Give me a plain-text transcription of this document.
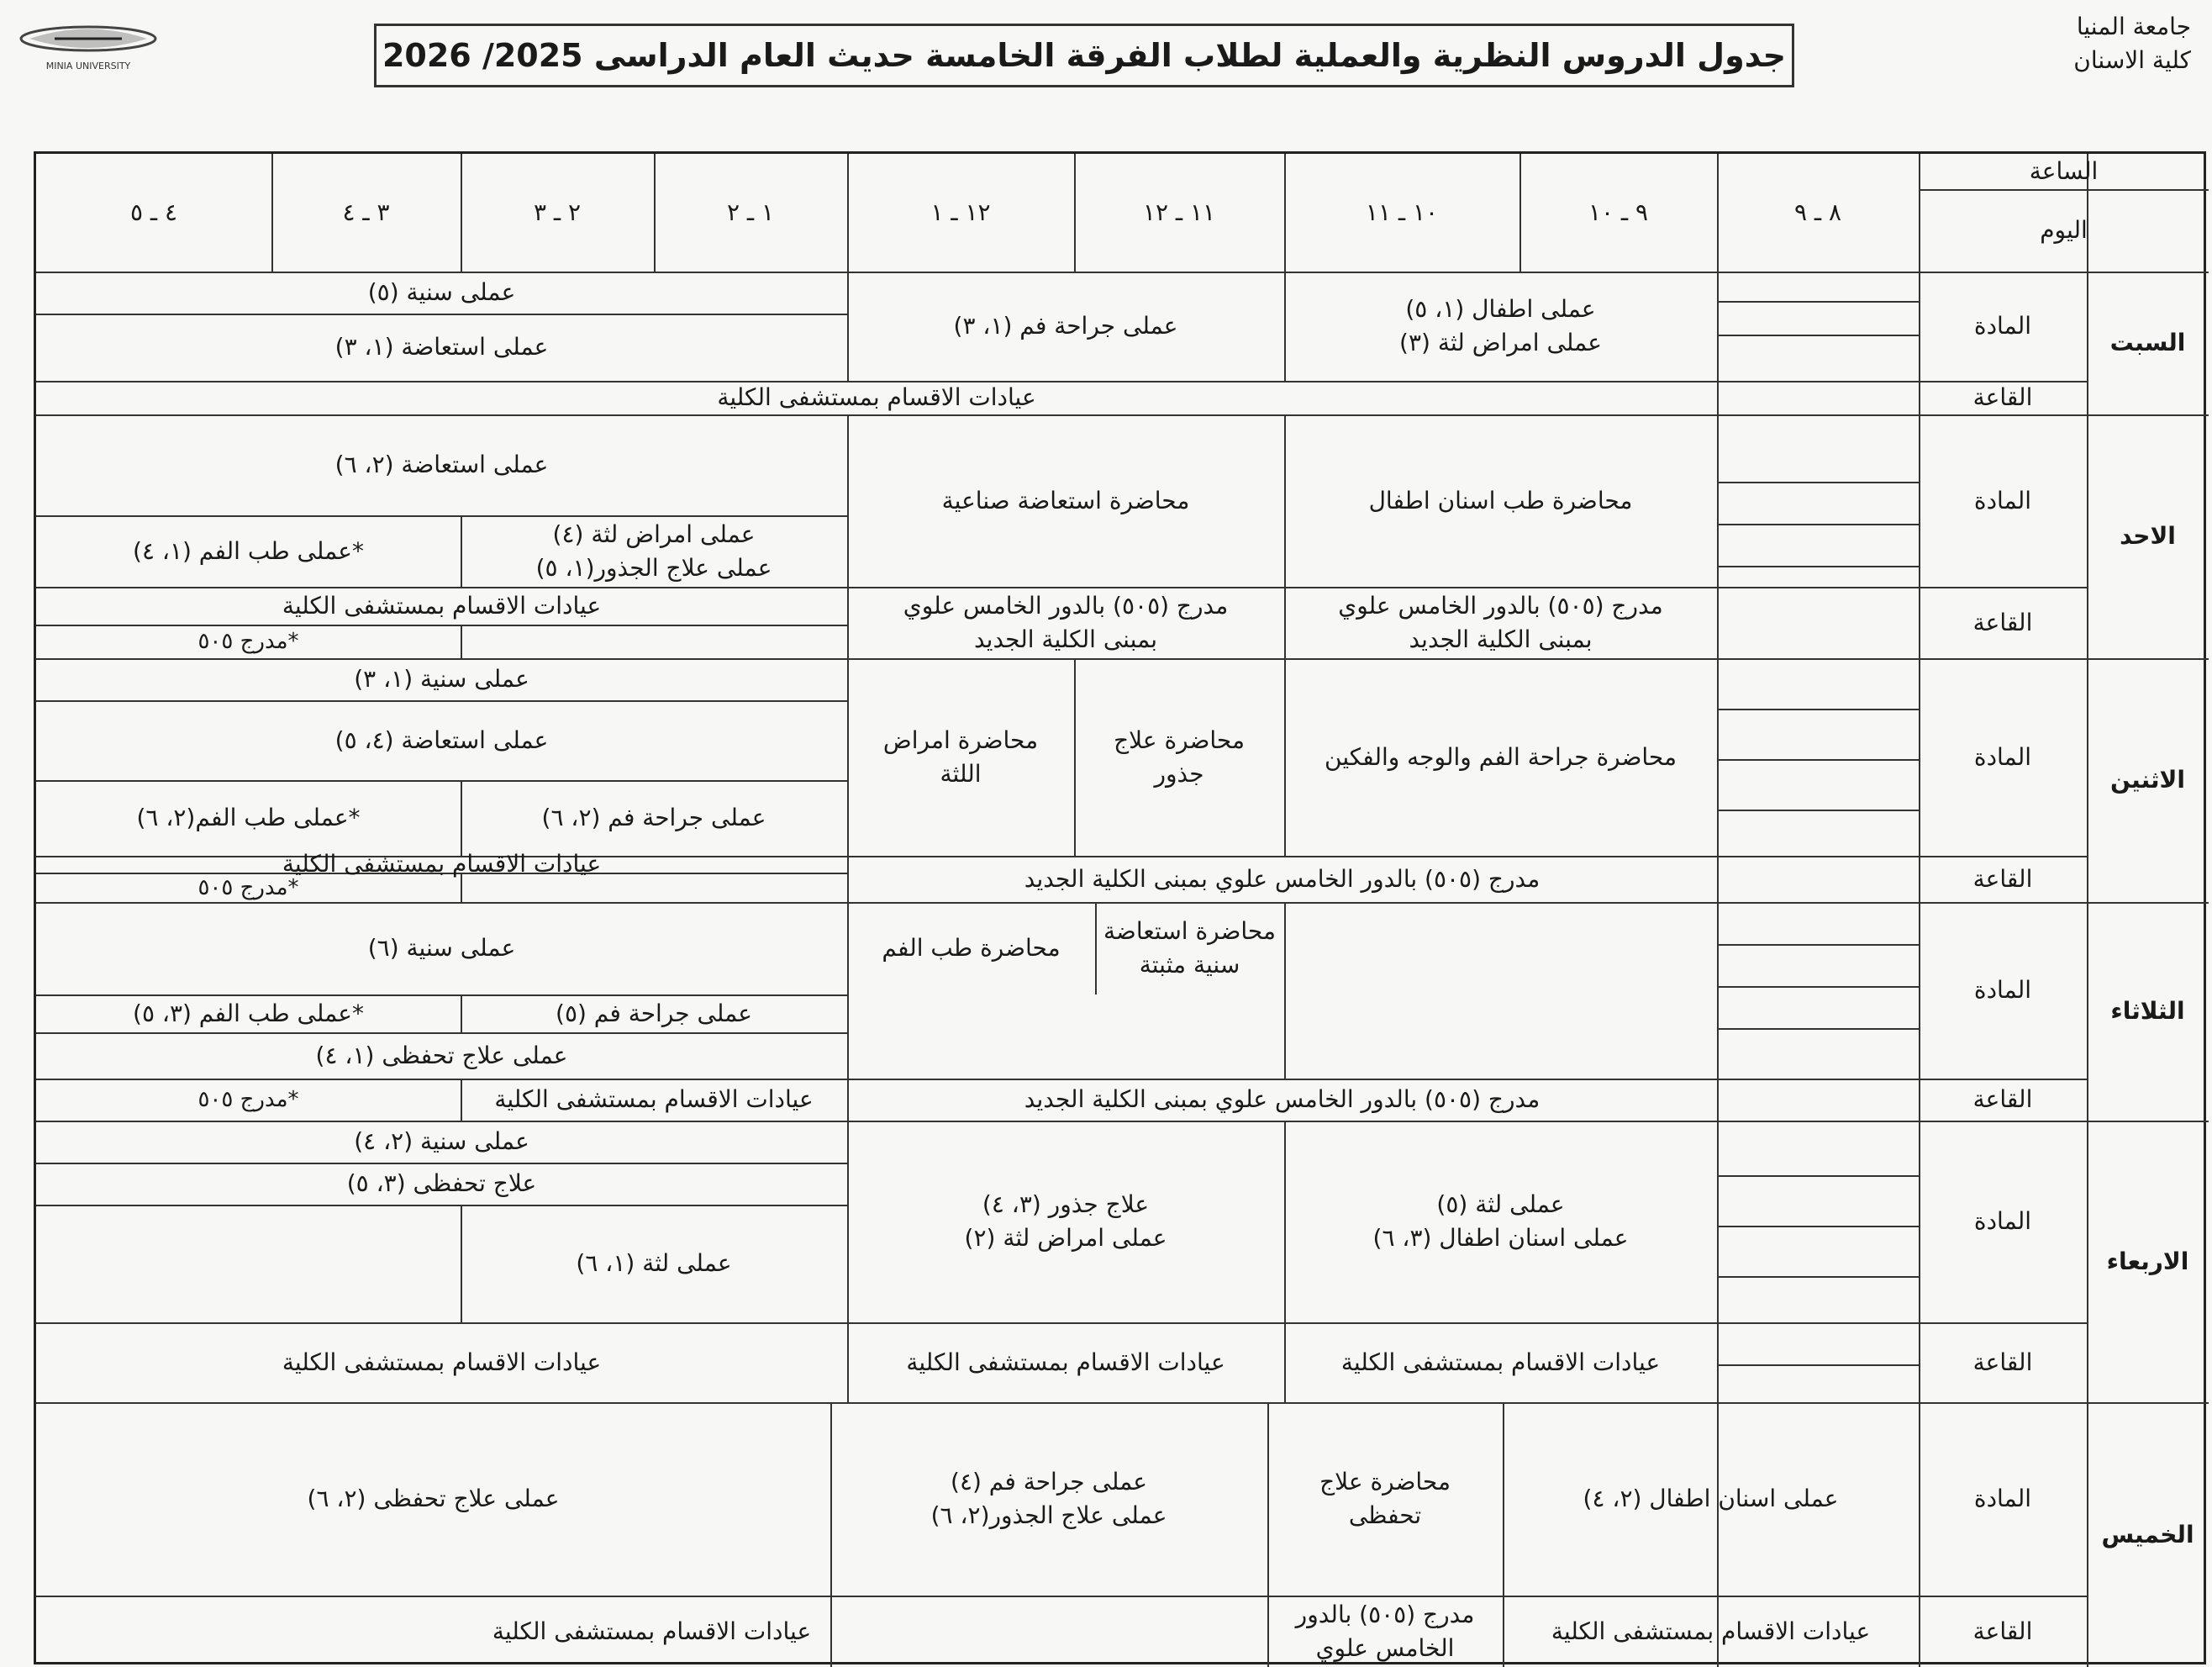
جامعة المنيا
كلية الاسنان
MINIA UNIVERSITY	جدول الدروس النظرية والعملية لطلاب الفرقة الخامسة حديث العام الدراسى 2025/ 2026
الساعة
اليوم
٨ ـ ٩
٩ ـ ١٠
١٠ ـ ١١
١١ ـ ١٢
١٢ ـ ١
١ ـ ٢
٢ ـ ٣
٣ ـ ٤
٤ ـ ٥
السبت
المادة
القاعة
عملى اطفال (١، ٥)
عملى امراض لثة (٣)
عملى جراحة فم (١، ٣)
عملى سنية (٥)
عملى استعاضة (١، ٣)
عيادات الاقسام بمستشفى الكلية
الاحد
المادة
القاعة
محاضرة طب اسنان اطفال
محاضرة استعاضة صناعية
عملى استعاضة (٢، ٦)
عملى امراض لثة (٤)
عملى علاج الجذور(١، ٥)
*عملى طب الفم (١، ٤)
مدرج (٥٠٥) بالدور الخامس علوي
بمبنى الكلية الجديد
مدرج (٥٠٥) بالدور الخامس علوي
بمبنى الكلية الجديد
عيادات الاقسام بمستشفى الكلية
*مدرج ٥٠٥
الاثنين
المادة
القاعة
محاضرة جراحة الفم والوجه والفكين
محاضرة علاج
جذور
محاضرة امراض
اللثة
عملى سنية (١، ٣)
عملى استعاضة (٤، ٥)
عملى جراحة فم (٢، ٦)
*عملى طب الفم(٢، ٦)
مدرج (٥٠٥) بالدور الخامس علوي بمبنى الكلية الجديد
عيادات الاقسام بمستشفى الكلية
*مدرج ٥٠٥
الثلاثاء
المادة
القاعة
محاضرة استعاضة
سنية مثبتة
محاضرة طب الفم
عملى سنية (٦)
عملى جراحة فم (٥)
*عملى طب الفم (٣، ٥)
عملى علاج تحفظى (١، ٤)
مدرج (٥٠٥) بالدور الخامس علوي بمبنى الكلية الجديد
عيادات الاقسام بمستشفى الكلية
*مدرج ٥٠٥
الاربعاء
المادة
القاعة
عملى لثة (٥)
عملى اسنان اطفال (٣، ٦)
علاج جذور (٣، ٤)
عملى امراض لثة (٢)
عملى سنية (٢، ٤)
علاج تحفظى (٣، ٥)
عملى لثة (١، ٦)
عيادات الاقسام بمستشفى الكلية
عيادات الاقسام بمستشفى الكلية
عيادات الاقسام بمستشفى الكلية
الخميس
المادة
القاعة
عملى اسنان اطفال (٢، ٤)
محاضرة علاج
تحفظى
عملى جراحة فم (٤)
عملى علاج الجذور(٢، ٦)
عملى علاج تحفظى (٢، ٦)
عيادات الاقسام بمستشفى الكلية
مدرج (٥٠٥) بالدور
الخامس علوي
عيادات الاقسام بمستشفى الكلية
